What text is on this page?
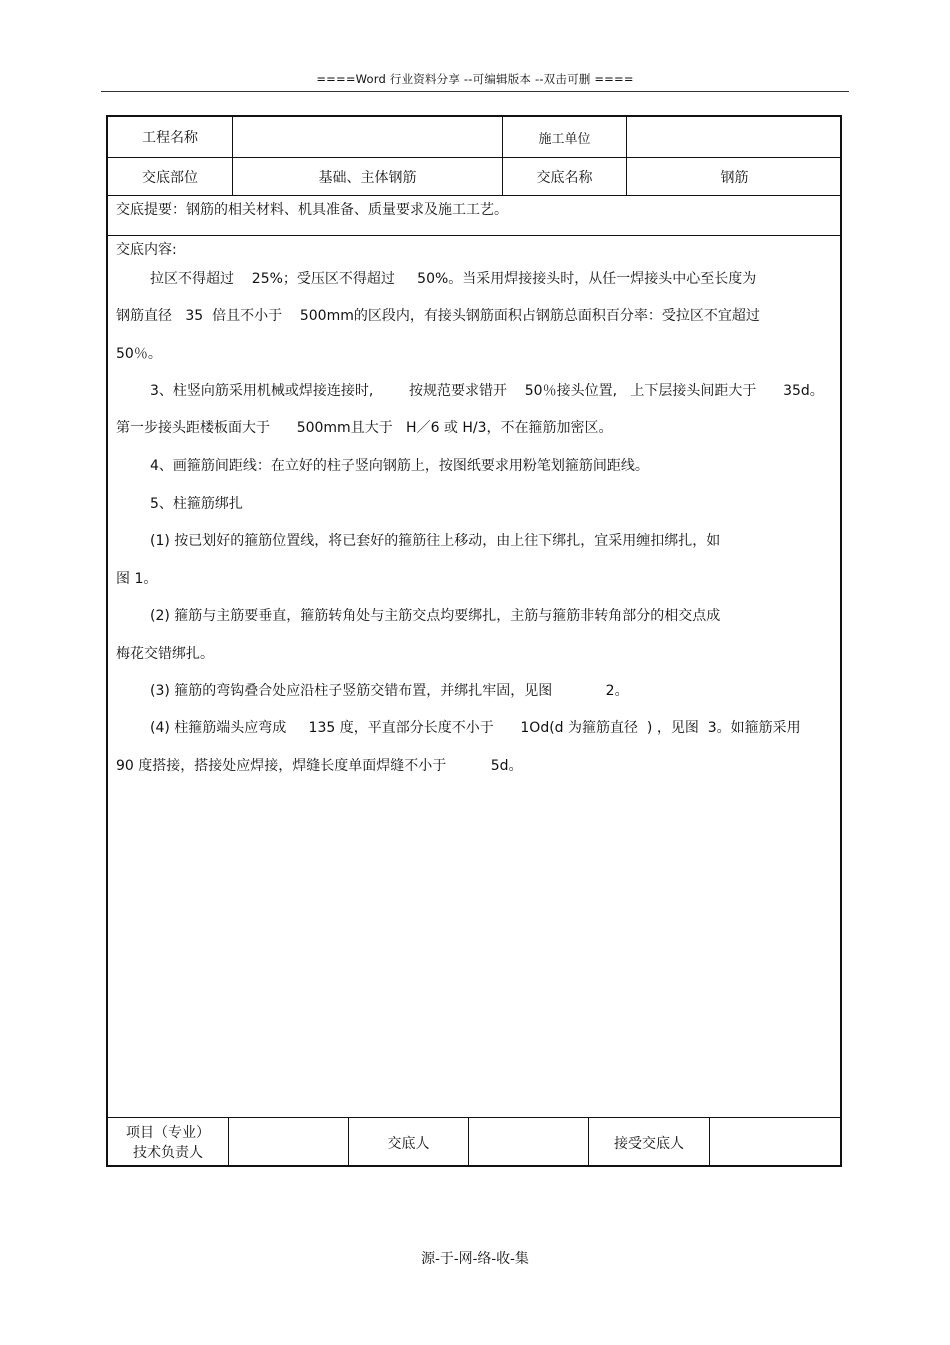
====Word 行业资料分享 --可编辑版本 --双击可删 ====
工程名称	施工单位
交底部位	基础、主体钢筋	交底名称	钢筋
交底提要：钢筋的相关材料、机具准备、质量要求及施工工艺。
交底内容:
拉区不得超过    25%；受压区不得超过     50%。当采用焊接接头时，从任一焊接头中心至长度为
钢筋直径   35  倍且不小于    500mm的区段内，有接头钢筋面积占钢筋总面积百分率：受拉区不宜超过
50％。
3、柱竖向筋采用机械或焊接连接时,        按规范要求错开    50％接头位置,   上下层接头间距大于      35d。
第一步接头距楼板面大于      500mm且大于   H／6 或 H/3，不在箍筋加密区。
4、画箍筋间距线：在立好的柱子竖向钢筋上，按图纸要求用粉笔划箍筋间距线。
5、柱箍筋绑扎
(1) 按已划好的箍筋位置线，将已套好的箍筋往上移动，由上往下绑扎，宜采用缠扣绑扎，如
图 1。
(2) 箍筋与主筋要垂直，箍筋转角处与主筋交点均要绑扎，主筋与箍筋非转角部分的相交点成
梅花交错绑扎。
(3) 箍筋的弯钩叠合处应沿柱子竖筋交错布置，并绑扎牢固，见图            2。
(4) 柱箍筋端头应弯成     135 度，平直部分长度不小于      1Od(d 为箍筋直径  ) ，见图  3。如箍筋采用
90 度搭接，搭接处应焊接，焊缝长度单面焊缝不小于          5d。
项目（专业）
技术负责人
交底人	接受交底人
源-于-网-络-收-集
